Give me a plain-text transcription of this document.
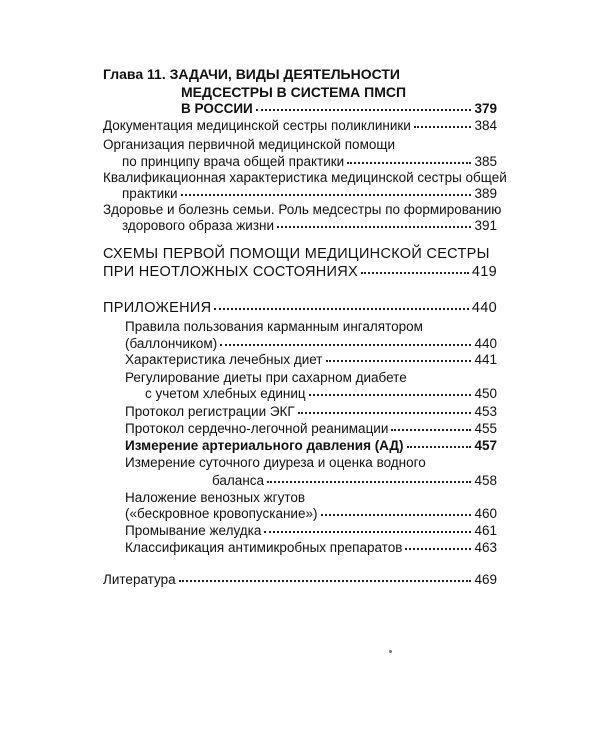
Глава 11. ЗАДАЧИ, ВИДЫ ДЕЯТЕЛЬНОСТИ
МЕДСЕСТРЫ В СИСТЕМА ПМСП
В РОССИИ	379
Документация медицинской сестры поликлиники	384
Организация первичной медицинской помощи
по принципу врача общей практики	385
Квалификационная характеристика медицинской сестры общей
практики	389
Здоровье и болезнь семьи. Роль медсестры по формированию
здорового образа жизни	391
СХЕМЫ ПЕРВОЙ ПОМОЩИ МЕДИЦИНСКОЙ СЕСТРЫ
ПРИ НЕОТЛОЖНЫХ СОСТОЯНИЯХ	419
ПРИЛОЖЕНИЯ	440
Правила пользования карманным ингалятором
(баллончиком)	440
Характеристика лечебных диет	441
Регулирование диеты при сахарном диабете
с учетом хлебных единиц	450
Протокол регистрации ЭКГ	453
Протокол сердечно-легочной реанимации	455
Измерение артериального давления (АД)	457
Измерение суточного диуреза и оценка водного
баланса	458
Наложение венозных жгутов
(«бескровное кровопускание»)	460
Промывание желудка	461
Классификация антимикробных препаратов	463
Литература	469
